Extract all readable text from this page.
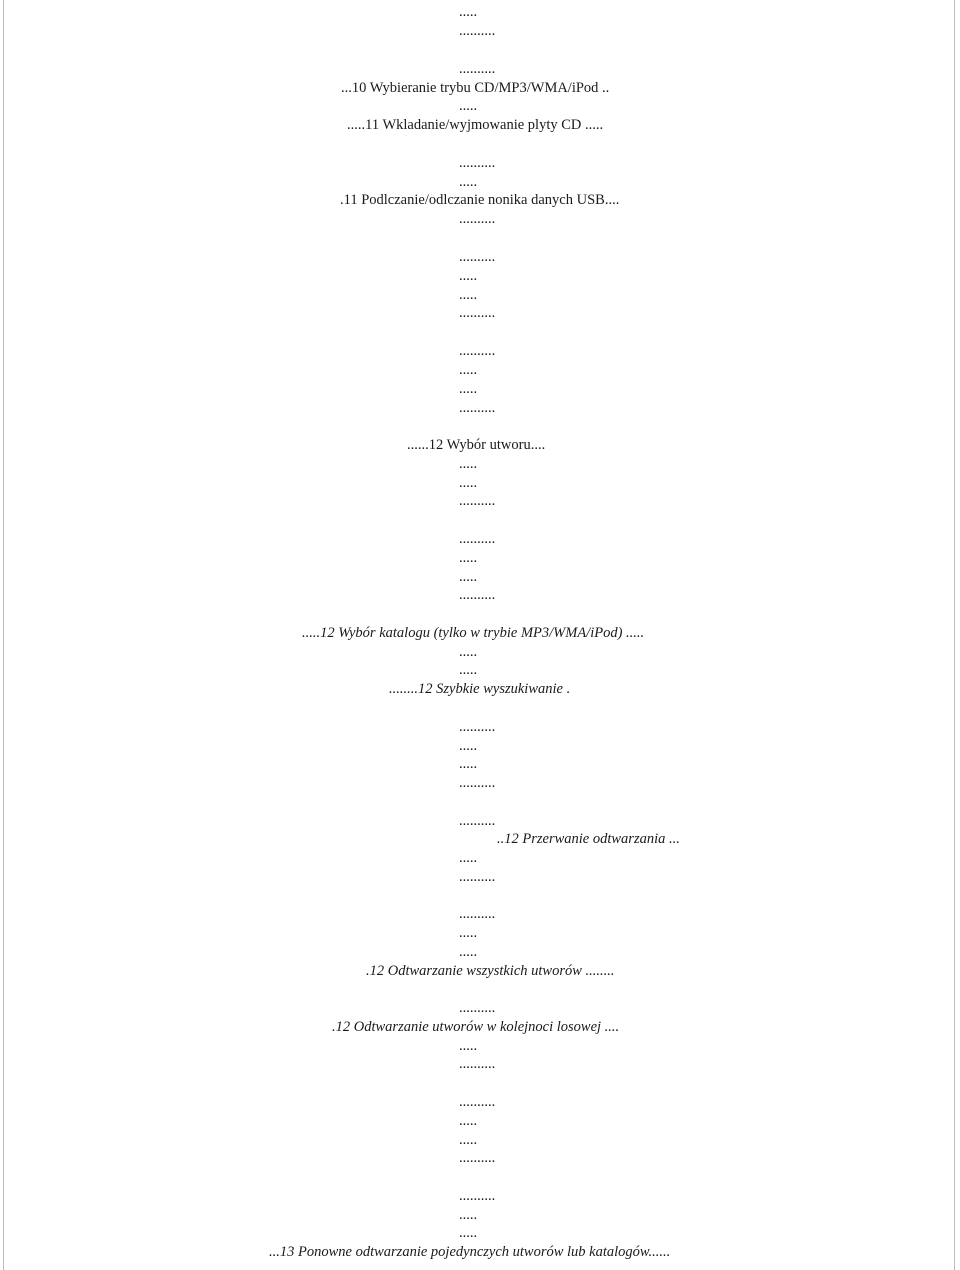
.....
..........
..........
...10 Wybieranie trybu CD/MP3/WMA/iPod ..
.....
.....11 Wkladanie/wyjmowanie plyty CD .....
..........
.....
.11 Podlczanie/odlczanie nonika danych USB....
..........
..........
.....
.....
..........
..........
.....
.....
..........
......12 Wybór utworu....
.....
.....
..........
..........
.....
.....
..........
.....12 Wybór katalogu (tylko w trybie MP3/WMA/iPod) .....
.....
.....
........12 Szybkie wyszukiwanie .
..........
.....
.....
..........
..........
..12 Przerwanie odtwarzania ...
.....
..........
..........
.....
.....
.12 Odtwarzanie wszystkich utworów ........
..........
.12 Odtwarzanie utworów w kolejnoci losowej ....
.....
..........
..........
.....
.....
..........
..........
.....
.....
...13 Ponowne odtwarzanie pojedynczych utworów lub katalogów......
